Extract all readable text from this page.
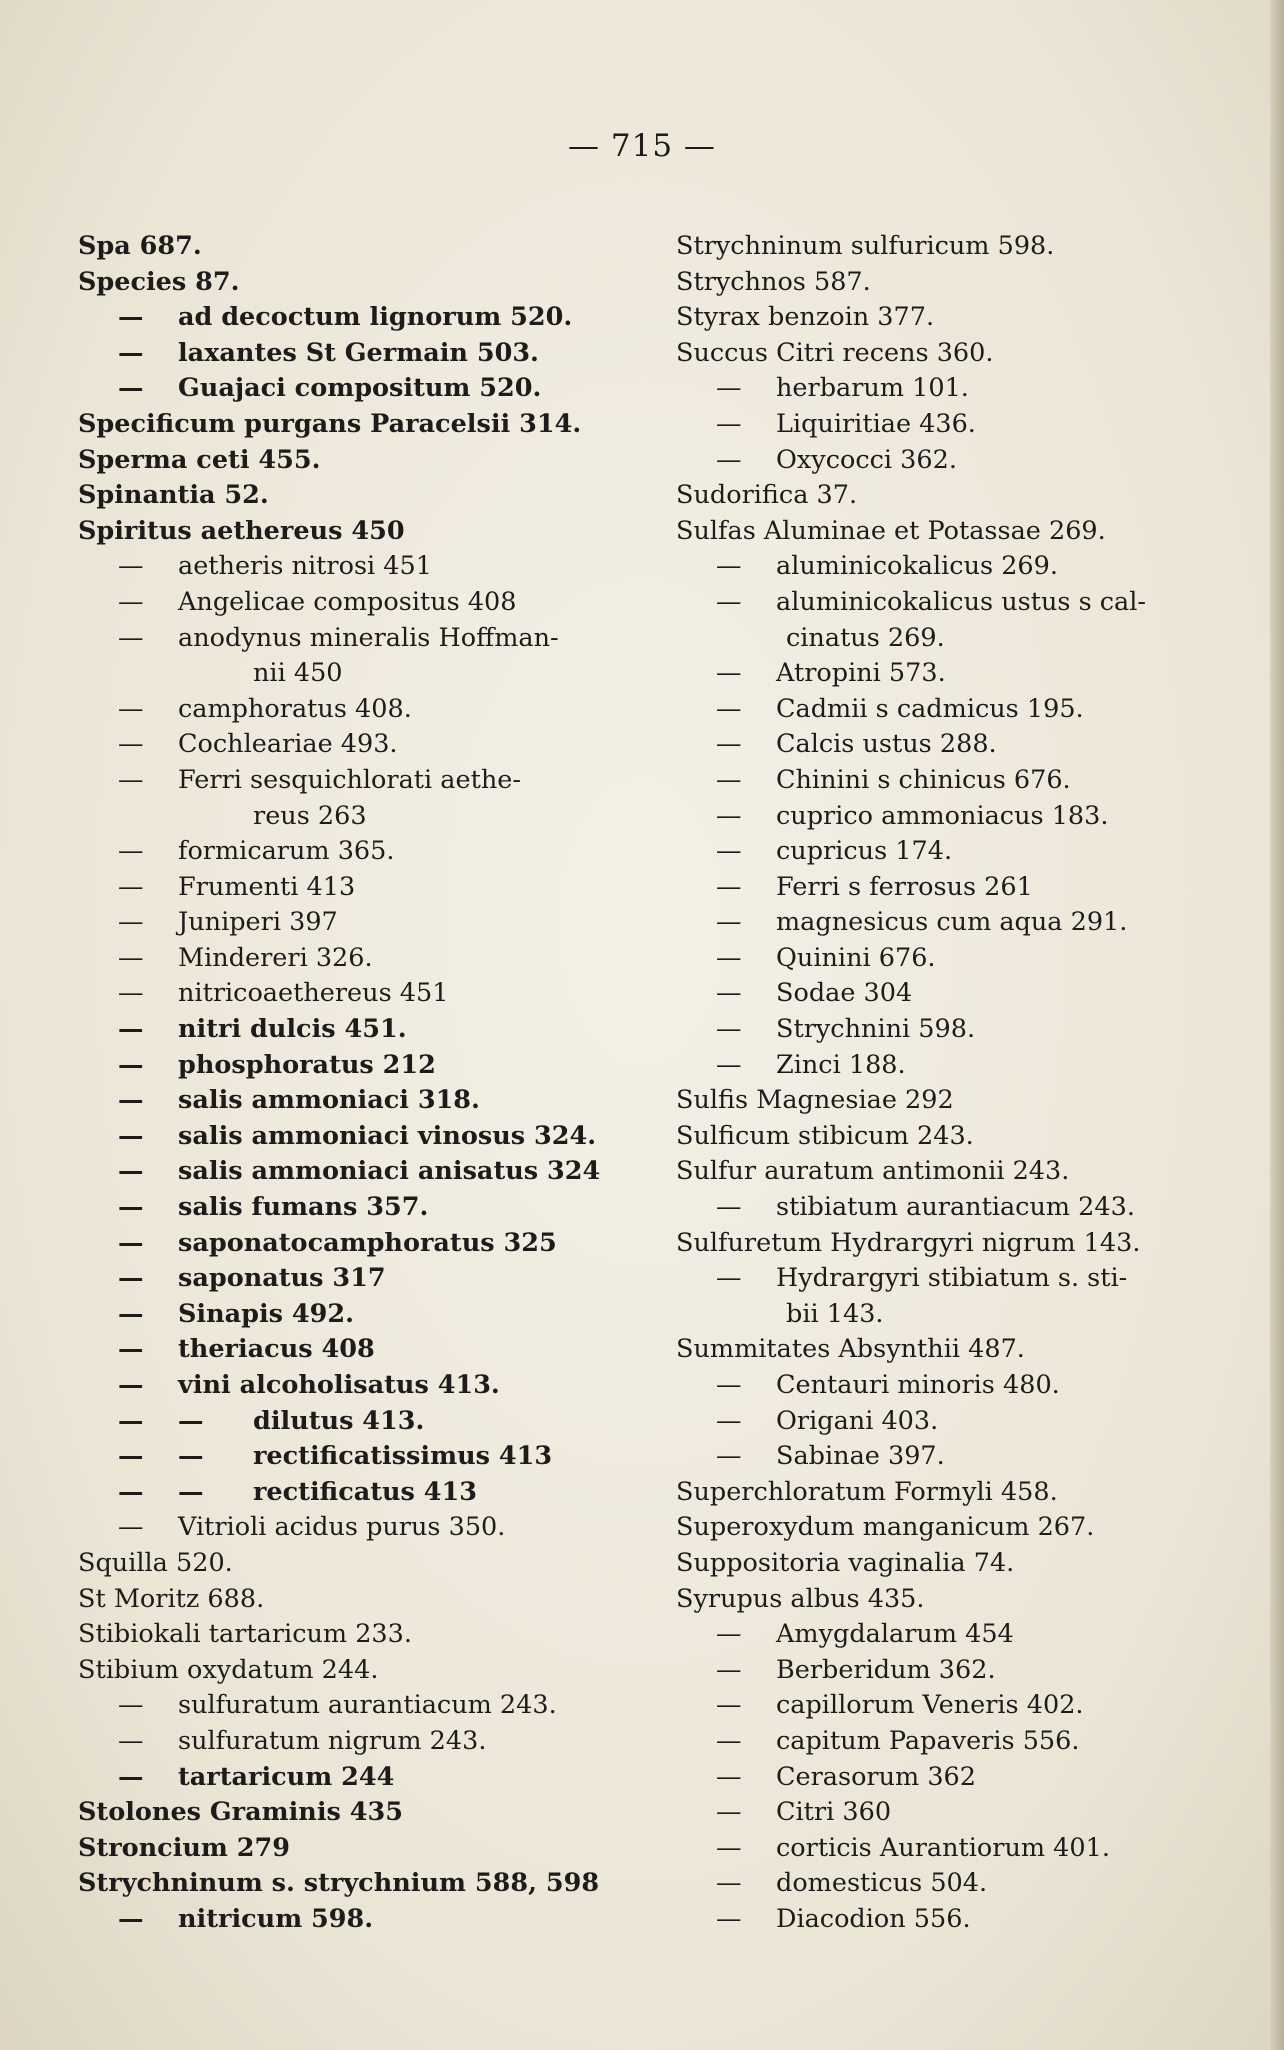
— 715 —
Spa 687.
Species 87.
— ad decoctum lignorum 520.
— laxantes St Germain 503.
— Guajaci compositum 520.
Specificum purgans Paracelsii 314.
Sperma ceti 455.
Spinantia 52.
Spiritus aethereus 450
— aetheris nitrosi 451
— Angelicae compositus 408
— anodynus mineralis Hoffman-
nii 450
— camphoratus 408.
— Cochleariae 493.
— Ferri sesquichlorati aethe-
reus 263
— formicarum 365.
— Frumenti 413
— Juniperi 397
— Mindereri 326.
— nitricoaethereus 451
— nitri dulcis 451.
— phosphoratus 212
— salis ammoniaci 318.
— salis ammoniaci vinosus 324.
— salis ammoniaci anisatus 324
— salis fumans 357.
— saponatocamphoratus 325
— saponatus 317
— Sinapis 492.
— theriacus 408
— vini alcoholisatus 413.
— — dilutus 413.
— — rectificatissimus 413
— — rectificatus 413
— Vitrioli acidus purus 350.
Squilla 520.
St Moritz 688.
Stibiokali tartaricum 233.
Stibium oxydatum 244.
— sulfuratum aurantiacum 243.
— sulfuratum nigrum 243.
— tartaricum 244
Stolones Graminis 435
Stroncium 279
Strychninum s. strychnium 588, 598
— nitricum 598.
Strychninum sulfuricum 598.
Strychnos 587.
Styrax benzoin 377.
Succus Citri recens 360.
— herbarum 101.
— Liquiritiae 436.
— Oxycocci 362.
Sudorifica 37.
Sulfas Aluminae et Potassae 269.
— aluminicokalicus 269.
— aluminicokalicus ustus s cal-
cinatus 269.
— Atropini 573.
— Cadmii s cadmicus 195.
— Calcis ustus 288.
— Chinini s chinicus 676.
— cuprico ammoniacus 183.
— cupricus 174.
— Ferri s ferrosus 261
— magnesicus cum aqua 291.
— Quinini 676.
— Sodae 304
— Strychnini 598.
— Zinci 188.
Sulfis Magnesiae 292
Sulficum stibicum 243.
Sulfur auratum antimonii 243.
— stibiatum aurantiacum 243.
Sulfuretum Hydrargyri nigrum 143.
— Hydrargyri stibiatum s. sti-
bii 143.
Summitates Absynthii 487.
— Centauri minoris 480.
— Origani 403.
— Sabinae 397.
Superchloratum Formyli 458.
Superoxydum manganicum 267.
Suppositoria vaginalia 74.
Syrupus albus 435.
— Amygdalarum 454
— Berberidum 362.
— capillorum Veneris 402.
— capitum Papaveris 556.
— Cerasorum 362
— Citri 360
— corticis Aurantiorum 401.
— domesticus 504.
— Diacodion 556.
